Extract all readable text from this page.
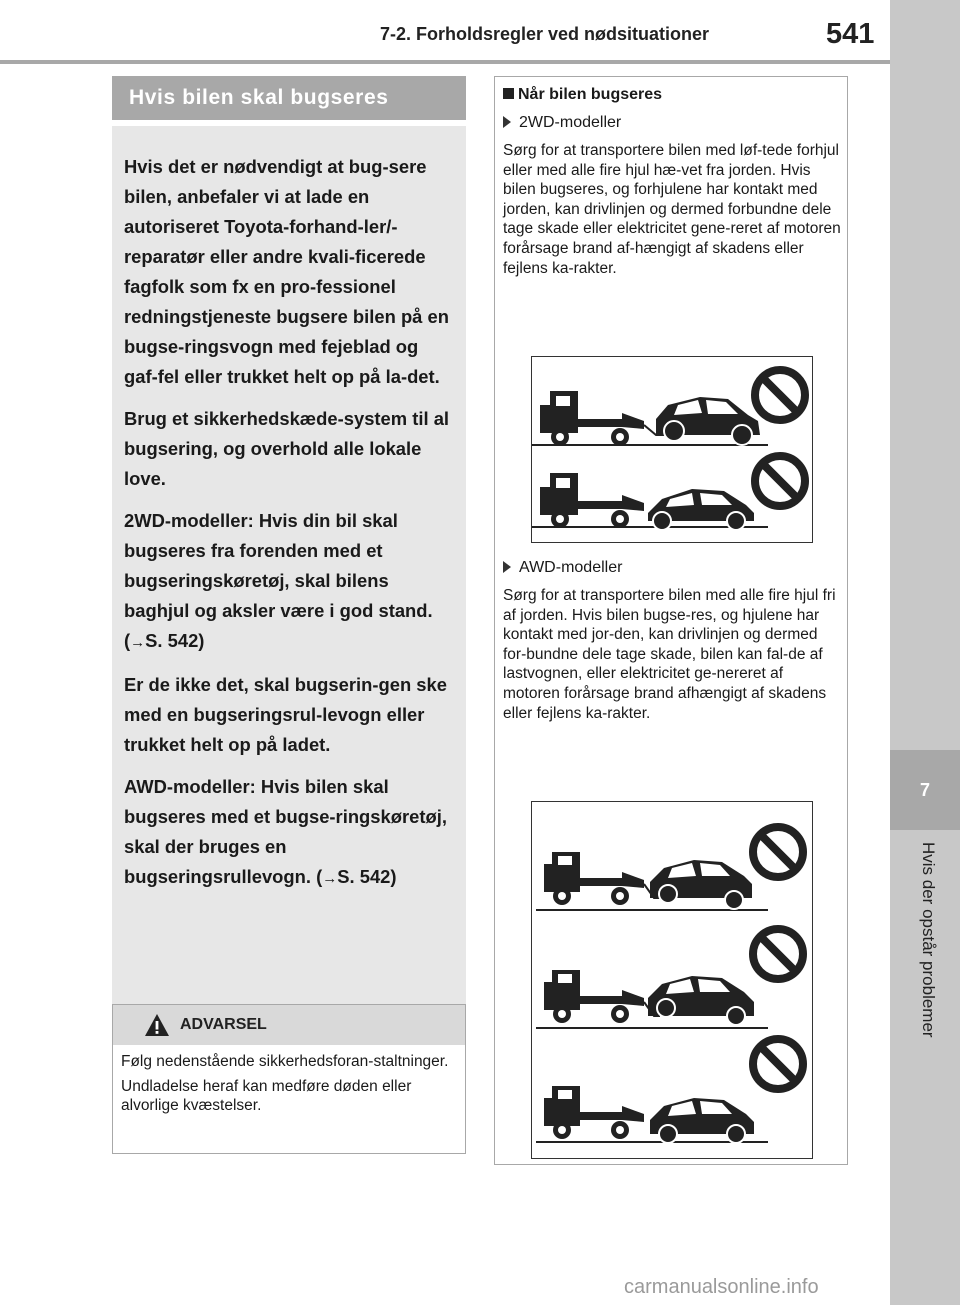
7-2. Forholdsregler ved nødsituationer	541
7
Hvis der opstår problemer
Hvis bilen skal bugseres

Hvis det er nødvendigt at bug-sere bilen, anbefaler vi at lade en autoriseret Toyota-forhand-ler/-reparatør eller andre kvali-ficerede fagfolk som fx en pro-fessionel redningstjeneste bugsere bilen på en bugse-ringsvogn med fejeblad og gaf-fel eller trukket helt op på la-det.

Brug et sikkerhedskæde-system til al bugsering, og overhold alle lokale love.

2WD-modeller: Hvis din bil skal bugseres fra forenden med et bugseringskøretøj, skal bilens baghjul og aksler være i god stand. (→S. 542)

Er de ikke det, skal bugserin-gen ske med en bugseringsrul-levogn eller trukket helt op på ladet.

AWD-modeller: Hvis bilen skal bugseres med et bugse-ringskøretøj, skal der bruges en bugseringsrullevogn. (→S. 542)

ADVARSEL

Følg nedenstående sikkerhedsforan-staltninger.

Undladelse heraf kan medføre døden eller alvorlige kvæstelser.

Når bilen bugseres
2WD-modeller
Sørg for at transportere bilen med løf-tede forhjul eller med alle fire hjul hæ-vet fra jorden. Hvis bilen bugseres, og forhjulene har kontakt med jorden, kan drivlinjen og dermed forbundne dele tage skade eller elektricitet gene-reret af motoren forårsage brand af-hængigt af skadens eller fejlens ka-rakter.
AWD-modeller
Sørg for at transportere bilen med alle fire hjul fri af jorden. Hvis bilen bugse-res, og hjulene har kontakt med jor-den, kan drivlinjen og dermed for-bundne dele tage skade, bilen kan fal-de af lastvognen, eller elektricitet ge-nereret af motoren forårsage brand afhængigt af skadens eller fejlens ka-rakter.
carmanualsonline.info
